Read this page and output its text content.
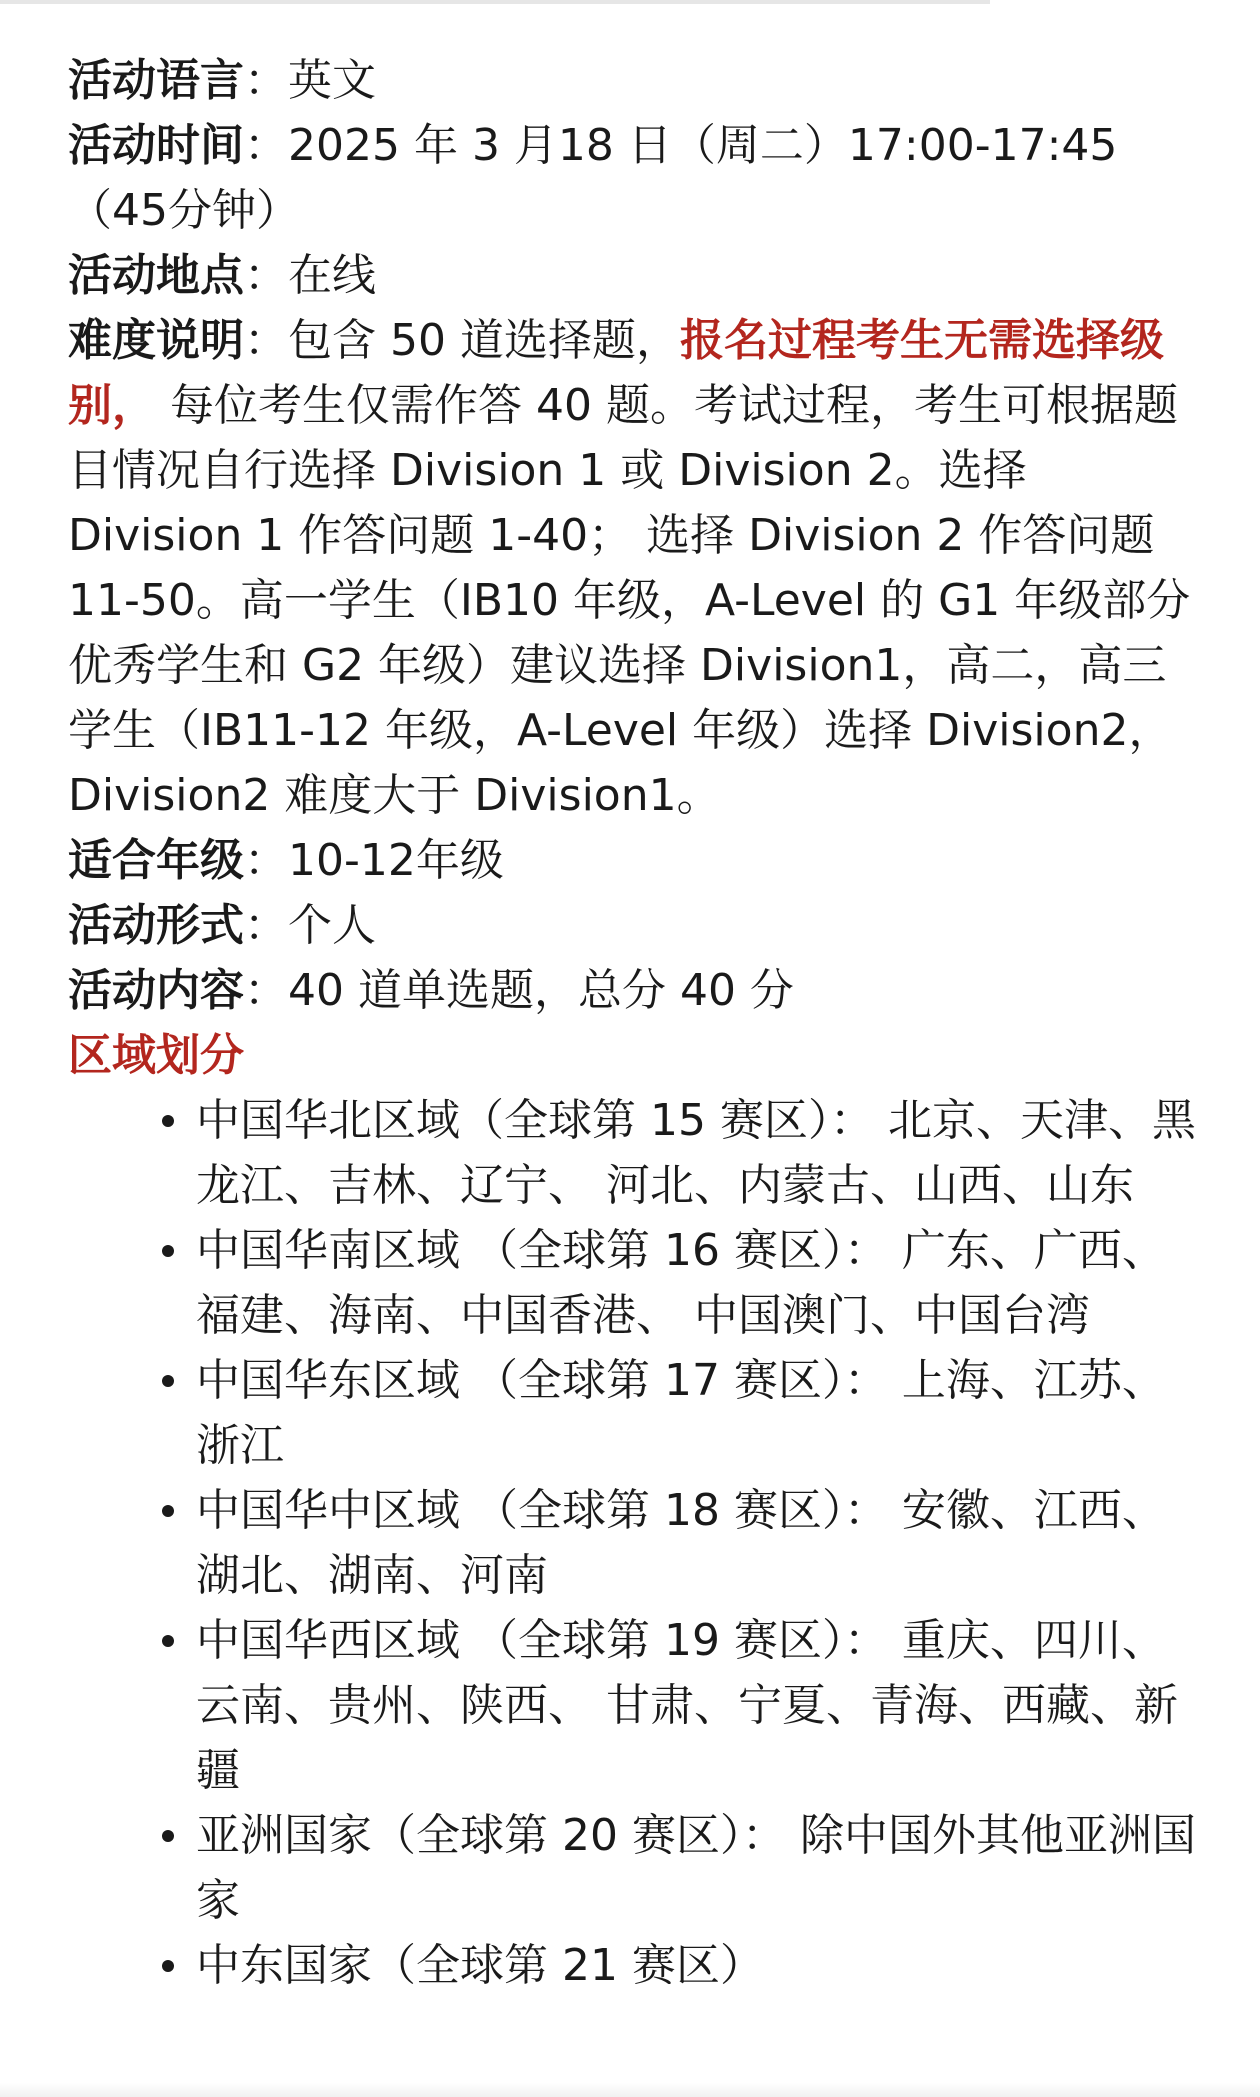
活动语言：英文

活动时间：2025 年 3 月18 日（周二）17:00-17:45（45分钟）

活动地点：在线

难度说明：包含 50 道选择题，报名过程考生无需选择级别， 每位考生仅需作答 40 题。考试过程，考生可根据题目情况自行选择 Division 1 或 Division 2。选择 Division 1 作答问题 1-40； 选择 Division 2 作答问题 11-50。高一学生（IB10 年级，A-Level 的 G1 年级部分优秀学生和 G2 年级）建议选择 Division1，高二，高三学生（IB11-12 年级，A-Level 年级）选择 Division2，Division2 难度大于 Division1。

适合年级：10-12年级

活动形式：个人

活动内容：40 道单选题，总分 40 分

区域划分

中国华北区域（全球第 15 赛区）： 北京、天津、黑龙江、吉林、辽宁、 河北、内蒙古、山西、山东
中国华南区域 （全球第 16 赛区）： 广东、广西、福建、海南、中国香港、 中国澳门、中国台湾
中国华东区域 （全球第 17 赛区）： 上海、江苏、浙江
中国华中区域 （全球第 18 赛区）： 安徽、江西、湖北、湖南、河南
中国华西区域 （全球第 19 赛区）： 重庆、四川、云南、贵州、陕西、 甘肃、宁夏、青海、西藏、新疆
亚洲国家（全球第 20 赛区）： 除中国外其他亚洲国家
中东国家（全球第 21 赛区）
